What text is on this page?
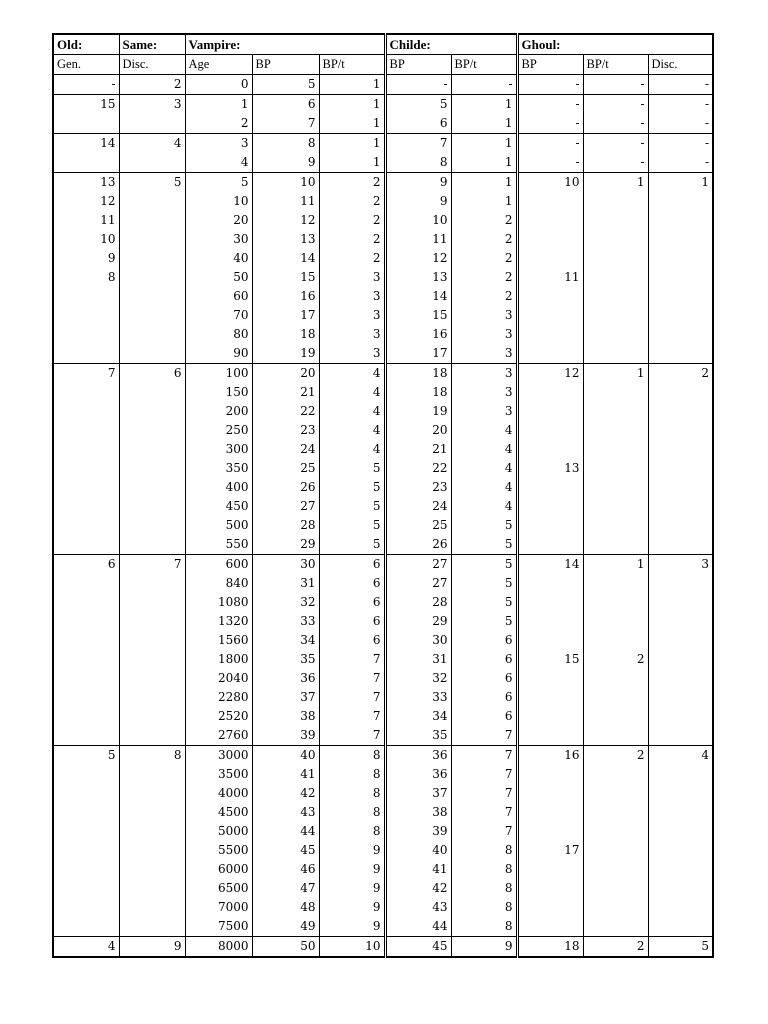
Old:	Same:	Vampire:			Childe:		Ghoul:		
Gen.	Disc.	Age	BP	BP/t	BP	BP/t	BP	BP/t	Disc.
-	2	0	5	1	-	-	-	-	-
15	3	1	6	1	5	1	-	-	-
		2	7	1	6	1	-	-	-
14	4	3	8	1	7	1	-	-	-
		4	9	1	8	1	-	-	-
13	5	5	10	2	9	1	10	1	1
12		10	11	2	9	1			
11		20	12	2	10	2			
10		30	13	2	11	2			
9		40	14	2	12	2			
8		50	15	3	13	2	11		
		60	16	3	14	2			
		70	17	3	15	3			
		80	18	3	16	3			
		90	19	3	17	3			
7	6	100	20	4	18	3	12	1	2
		150	21	4	18	3			
		200	22	4	19	3			
		250	23	4	20	4			
		300	24	4	21	4			
		350	25	5	22	4	13		
		400	26	5	23	4			
		450	27	5	24	4			
		500	28	5	25	5			
		550	29	5	26	5			
6	7	600	30	6	27	5	14	1	3
		840	31	6	27	5			
		1080	32	6	28	5			
		1320	33	6	29	5			
		1560	34	6	30	6			
		1800	35	7	31	6	15	2	
		2040	36	7	32	6			
		2280	37	7	33	6			
		2520	38	7	34	6			
		2760	39	7	35	7			
5	8	3000	40	8	36	7	16	2	4
		3500	41	8	36	7			
		4000	42	8	37	7			
		4500	43	8	38	7			
		5000	44	8	39	7			
		5500	45	9	40	8	17		
		6000	46	9	41	8			
		6500	47	9	42	8			
		7000	48	9	43	8			
		7500	49	9	44	8			
4	9	8000	50	10	45	9	18	2	5
